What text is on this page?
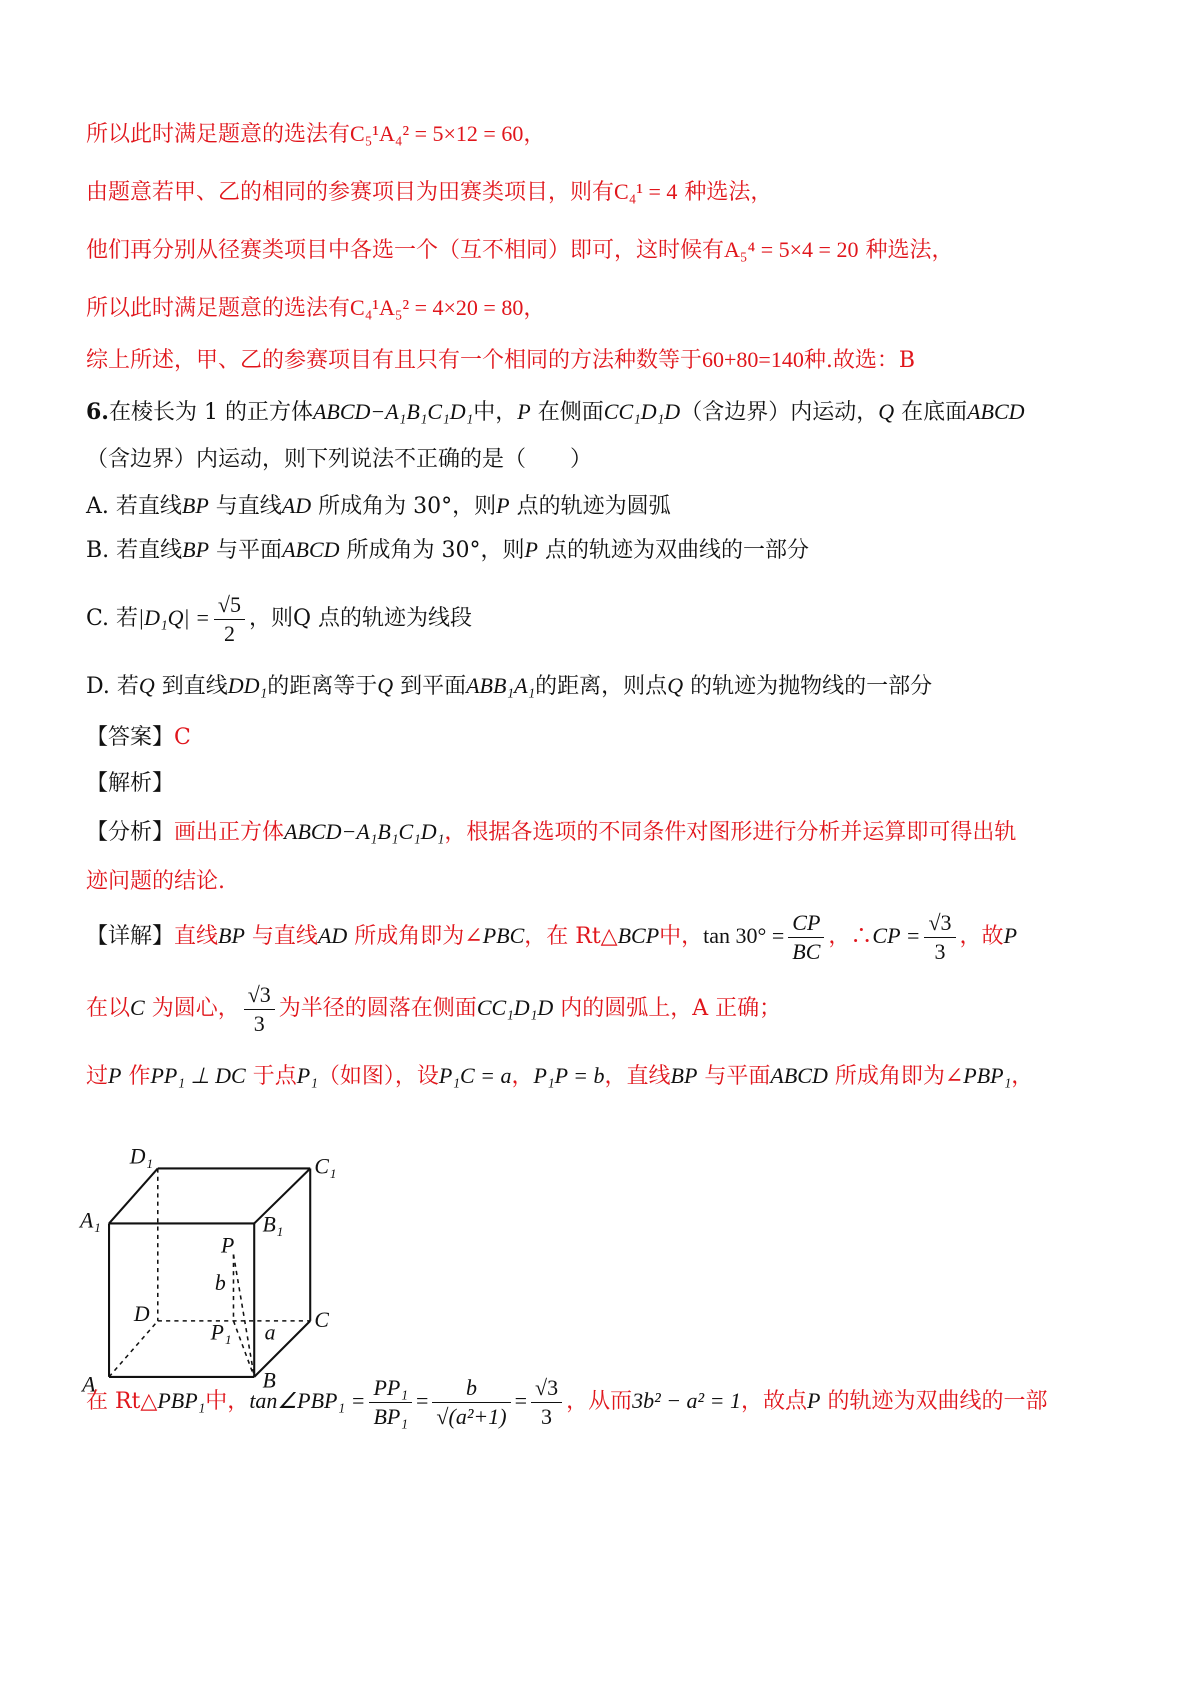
所以此时满足题意的选法有C₅¹A₄² = 5×12 = 60，
由题意若甲、乙的相同的参赛项目为田赛类项目，则有C₄¹ = 4 种选法，
他们再分别从径赛类项目中各选一个（互不相同）即可，这时候有A₅⁴ = 5×4 = 20 种选法，
所以此时满足题意的选法有C₄¹A₅² = 4×20 = 80，
综上所述，甲、乙的参赛项目有且只有一个相同的方法种数等于60+80=140种.故选：B
6.在棱长为 1 的正方体ABCD−A₁B₁C₁D₁中，P 在侧面CC₁D₁D（含边界）内运动，Q 在底面ABCD
（含边界）内运动，则下列说法不正确的是（　　）
A. 若直线BP 与直线AD 所成角为 30°，则P 点的轨迹为圆弧
B. 若直线BP 与平面ABCD 所成角为 30°，则P 点的轨迹为双曲线的一部分
C. 若$|D_1Q| = \frac{√5}{2}$ ，则Q 点的轨迹为线段
D. 若Q 到直线DD₁的距离等于Q 到平面ABB₁A₁的距离，则点Q 的轨迹为抛物线的一部分
【答案】C
【解析】
【分析】画出正方体ABCD−A₁B₁C₁D₁，根据各选项的不同条件对图形进行分析并运算即可得出轨
迹问题的结论.
【详解】直线BP 与直线AD 所成角即为∠PBC，在 Rt△BCP中，$\tan 30^\circ = \frac{CP}{BC}$ ，∴CP = $\frac{√3}{3}$ ，故P
在以C 为圆心， $\frac{√3}{3}$ 为半径的圆落在侧面CC₁D₁D 内的圆弧上，A 正确；
过P 作PP₁ ⊥ DC 于点P₁（如图），设P₁C = a，P₁P = b，直线BP 与平面ABCD 所成角即为∠PBP₁，
D₁	C₁
A₁	B₁
P
b
D	C
P₁ a
A	B
在 Rt△PBP₁中，tan∠PBP₁ = $\frac{\text{PP₁}}{\text{BP₁}} = \frac{b}{\text{√(a²+1)}} = \frac{√3}{3}$ ，从而3b² − a² = 1，故点P 的轨迹为双曲线的一部
